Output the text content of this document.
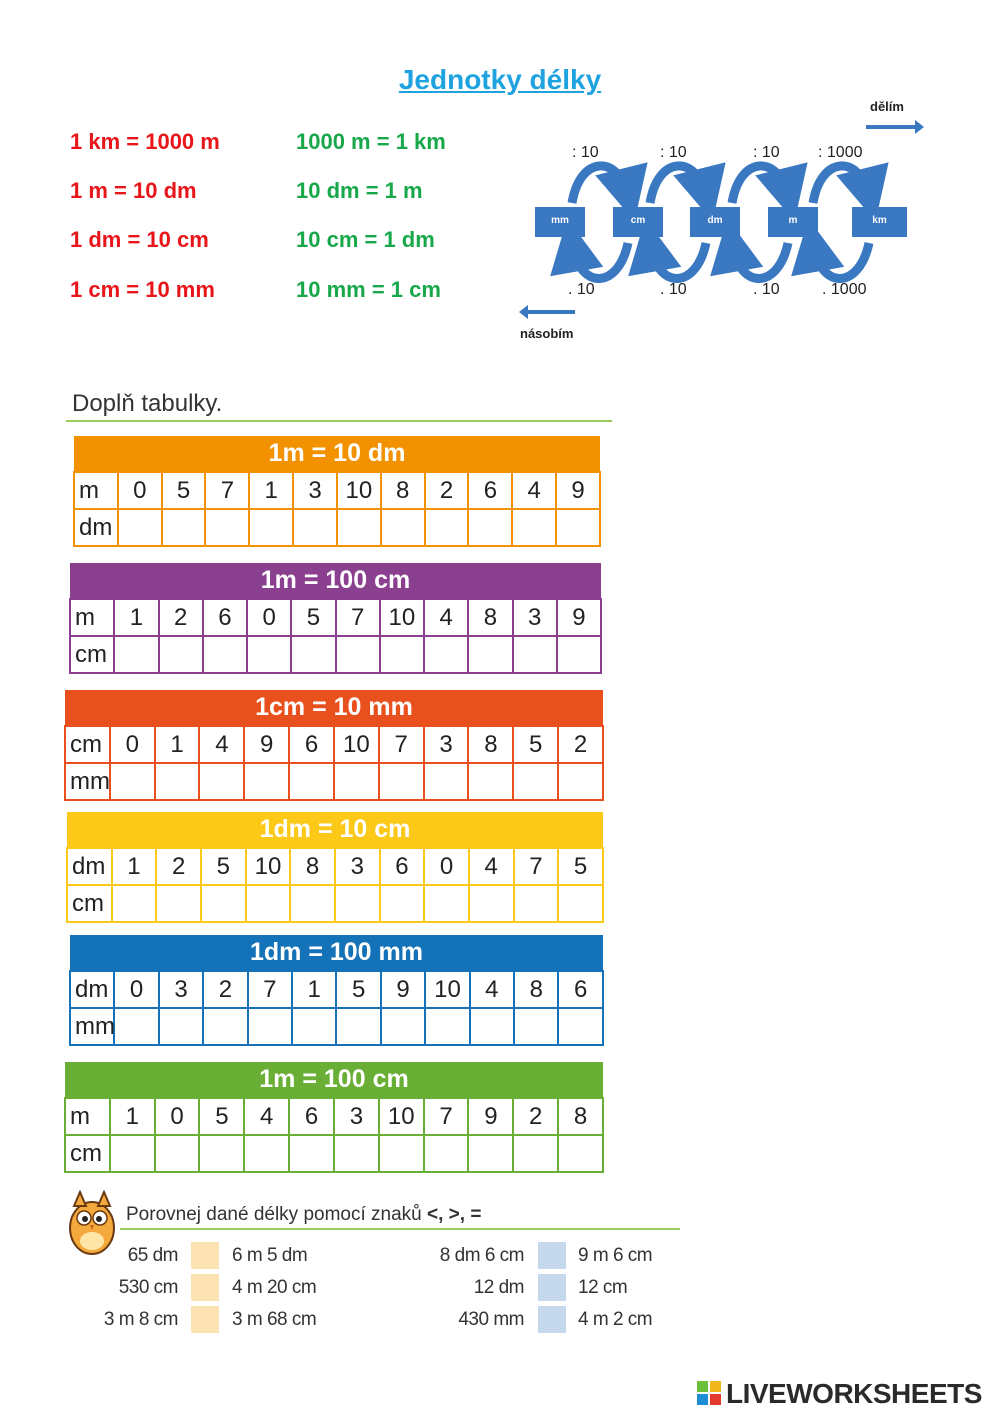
Jednotky délky
1 km = 1000 m
1 m = 10 dm
1 dm = 10 cm
1 cm = 10 mm
1000 m = 1 km
10 dm = 1 m
10 cm = 1 dm
10 mm = 1 cm
dělím
násobím
: 10	: 10	: 10 : 1000
. 10	. 10	. 10	. 1000
mm	cm	dm	m	km
Doplň tabulky.
1m = 10 dm											
m	0	5	7	1	3	10	8	2	6	4	9
dm											
1m = 100 cm											
m	1	2	6	0	5	7	10	4	8	3	9
cm											
1cm = 10 mm											
cm	0	1	4	9	6	10	7	3	8	5	2
mm											
1dm = 10 cm											
dm	1	2	5	10	8	3	6	0	4	7	5
cm											
1dm = 100 mm											
dm	0	3	2	7	1	5	9	10	4	8	6
mm											
1m = 100 cm											
m	1	0	5	4	6	3	10	7	9	2	8
cm											
Porovnej dané délky pomocí znaků <, >, =
65 dm	6 m 5 dm
530 cm	4 m 20 cm
3 m 8 cm	3 m 68 cm
8 dm 6 cm	9 m 6 cm
12 dm	12 cm
430 mm	4 m 2 cm
LIVEWORKSHEETS
